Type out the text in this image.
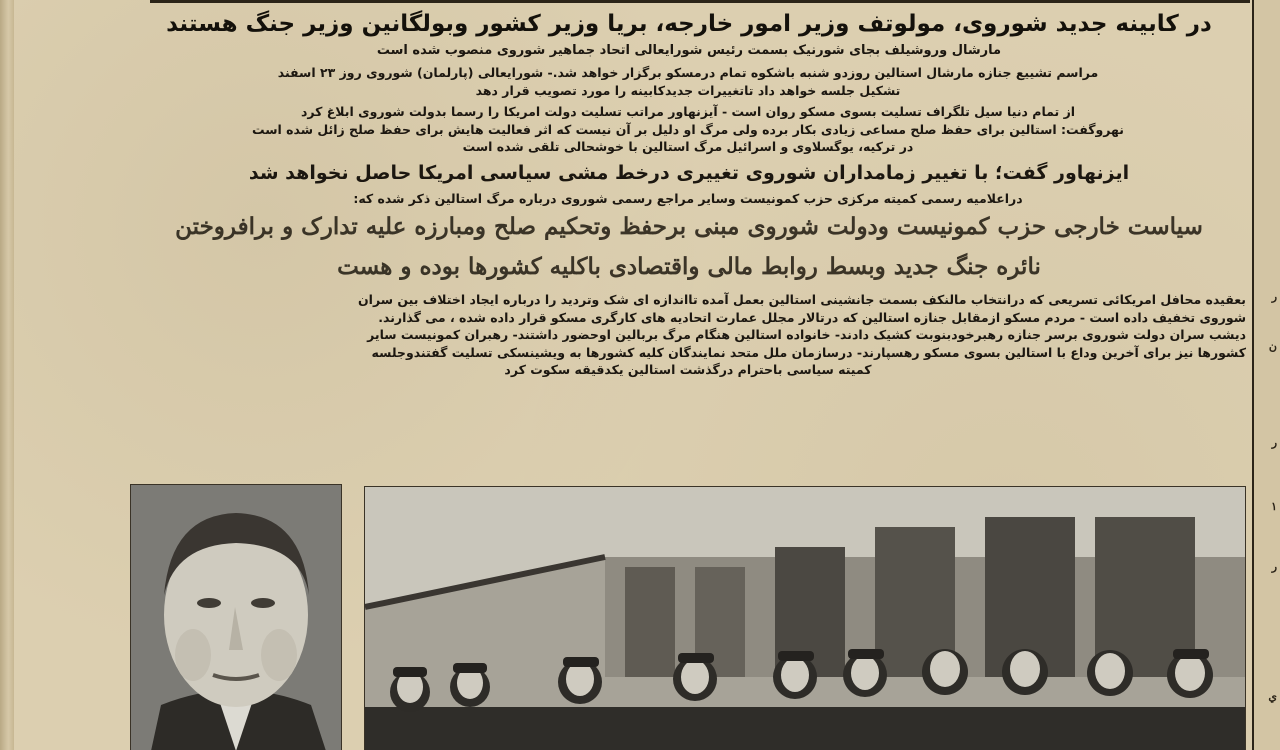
در کابینه جدید شوروی، مولوتف وزیر امور خارجه، بریا وزیر کشور وبولگانین وزیر جنگ هستند

مارشال وروشیلف بجای شورنیک بسمت رئیس شورایعالی اتحاد جماهیر شوروی منصوب شده است

مراسم تشییع جنازه مارشال استالین روزدو شنبه باشکوه تمام درمسکو برگزار خواهد شد.- شورایعالی (پارلمان) شوروی روز ۲۳ اسفند

تشکیل جلسه خواهد داد تاتغییرات جدیدکابینه را مورد تصویب قرار دهد

از تمام دنیا سیل تلگراف تسلیت بسوی مسکو روان است - آیزنهاور مراتب تسلیت دولت امریکا را رسما بدولت شوروی ابلاغ کرد

نهروگفت: استالین برای حفظ صلح مساعی زیادی بکار برده ولی مرگ او دلیل بر آن نیست که اثر فعالیت هایش برای حفظ صلح زائل شده است

در ترکیه، یوگسلاوی و اسرائیل مرگ استالین با خوشحالی تلقی شده است

ایزنهاور گفت؛ با تغییر زمامداران شوروی تغییری درخط مشی سیاسی امریکا حاصل نخواهد شد

دراعلامیه رسمی کمیته مرکزی حزب کمونیست وسایر مراجع رسمی شوروی درباره مرگ استالین ذکر شده که:

سیاست خارجی حزب کمونیست ودولت شوروی مبنی برحفظ وتحکیم صلح ومبارزه علیه تدارک و برافروختن

نائره جنگ جدید وبسط روابط مالی واقتصادی باکلیه کشورها بوده و هست

بعقیده محافل امریکائی تسریعی که درانتخاب مالنکف بسمت جانشینی استالین بعمل آمده تااندازه ای شک وتردید را درباره ایجاد اختلاف بین سران

شوروی تخفیف داده است - مردم مسکو ازمقابل جنازه استالین که درتالار مجلل عمارت اتحادیه های کارگری مسکو قرار داده شده ، می گذارند.

دیشب سران دولت شوروی برسر جنازه رهبرخودبنوبت کشیک دادند- خانواده استالین هنگام مرگ بربالین اوحضور داشتند- رهبران کمونیست سایر

کشورها نیز برای آخرین وداع با استالین بسوی مسکو رهسپارند- درسازمان ملل متحد نمایندگان کلیه کشورها به ویشینسکی تسلیت گفتندوجلسه

کمیته سیاسی باحترام درگذشت استالین یکدقیقه سکوت کرد

ر
ن
ر
۱
ر
ي
